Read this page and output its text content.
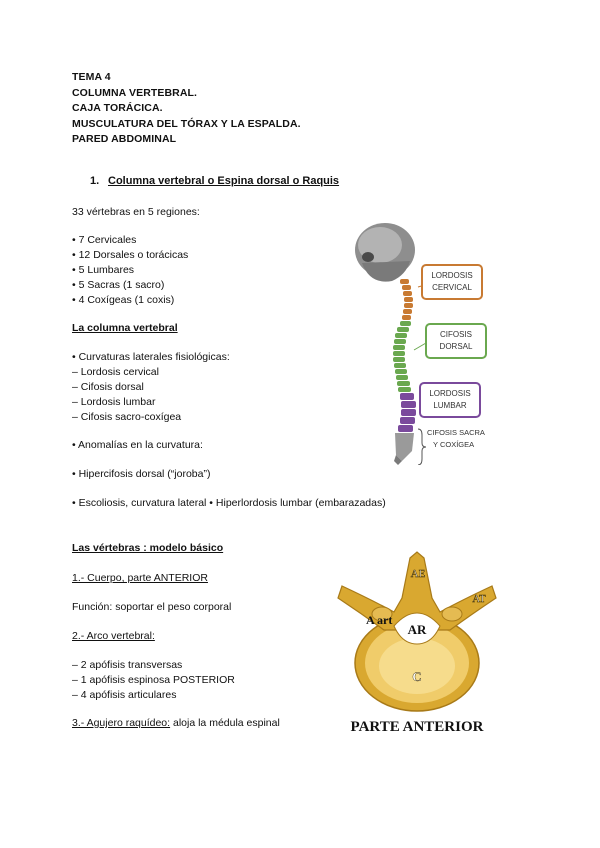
TEMA 4
COLUMNA VERTEBRAL.
CAJA TORÁCICA.
MUSCULATURA DEL TÓRAX Y LA ESPALDA.
PARED ABDOMINAL
1. Columna vertebral o Espina dorsal o Raquis
33 vértebras en 5 regiones:
• 7 Cervicales
• 12 Dorsales o torácicas
• 5 Lumbares
• 5 Sacras (1 sacro)
• 4 Coxígeas (1 coxis)
La columna vertebral
• Curvaturas laterales fisiológicas:
– Lordosis cervical
– Cifosis dorsal
– Lordosis lumbar
– Cifosis sacro-coxígea
• Anomalías en la curvatura:
• Hipercifosis dorsal (“joroba”)
• Escoliosis, curvatura lateral • Hiperlordosis lumbar (embarazadas)
LORDOSIS
CERVICAL
CIFOSIS
DORSAL
LORDOSIS
LUMBAR
CIFOSIS SACRA
Y COXÍGEA
Las vértebras : modelo básico
1.- Cuerpo, parte ANTERIOR
Función: soportar el peso corporal
2.- Arco vertebral:
– 2 apófisis transversas
– 1 apófisis espinosa POSTERIOR
– 4 apófisis articulares
3.- Agujero raquídeo: aloja la médula espinal
AE
AT
A art
AR
C
PARTE ANTERIOR
